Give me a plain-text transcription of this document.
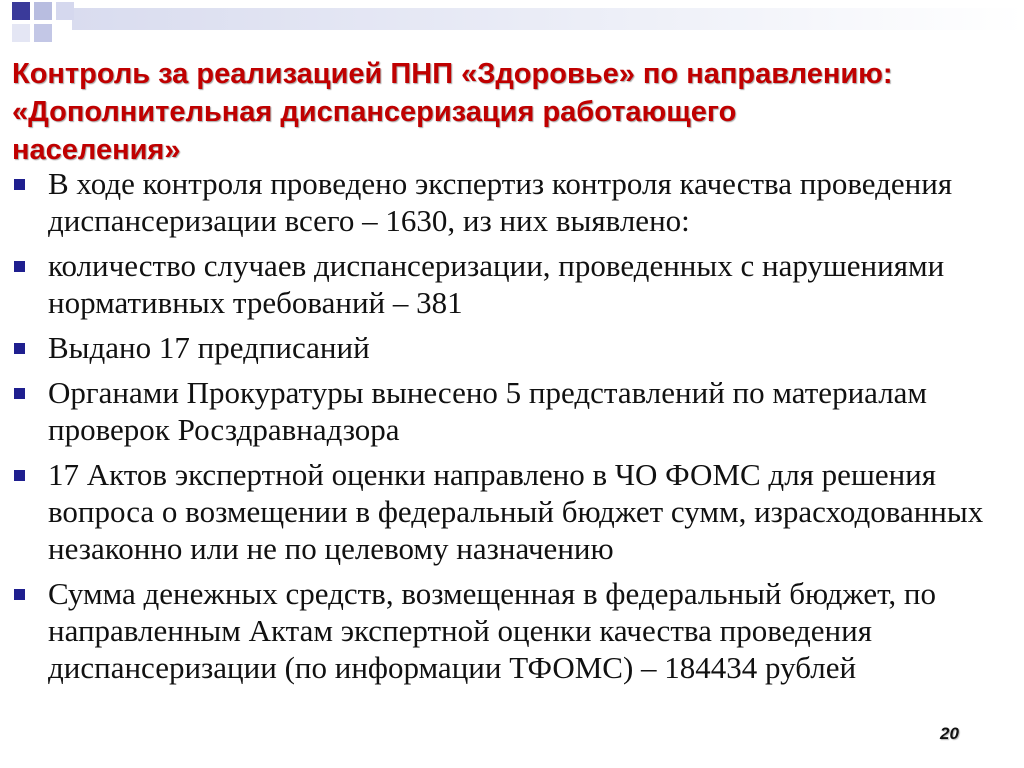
Контроль за реализацией ПНП «Здоровье» по направлению:
«Дополнительная диспансеризация работающего
населения»
В ходе контроля проведено экспертиз контроля качества проведения диспансеризации всего – 1630, из них выявлено:
количество случаев диспансеризации, проведенных с нарушениями нормативных требований – 381
Выдано 17 предписаний
Органами Прокуратуры вынесено 5 представлений по материалам проверок Росздравнадзора
17 Актов экспертной оценки направлено в ЧО ФОМС для решения вопроса о возмещении в федеральный бюджет сумм, израсходованных незаконно или не по целевому назначению
Сумма денежных средств, возмещенная в федеральный бюджет, по направленным Актам экспертной оценки качества проведения диспансеризации (по информации ТФОМС) – 184434 рублей
20
